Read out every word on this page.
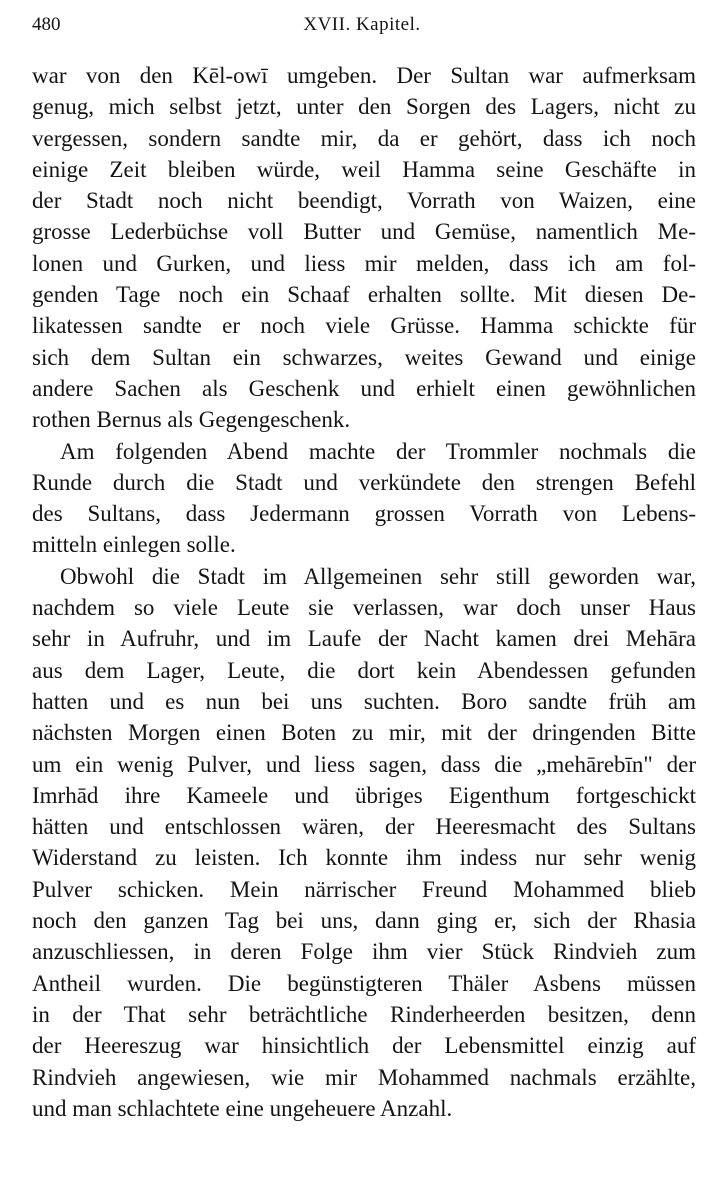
480	XVII. Kapitel.
war von den Kēl-owī umgeben. Der Sultan war aufmerksam
genug, mich selbst jetzt, unter den Sorgen des Lagers, nicht zu
vergessen, sondern sandte mir, da er gehört, dass ich noch
einige Zeit bleiben würde, weil Hamma seine Geschäfte in
der Stadt noch nicht beendigt, Vorrath von Waizen, eine
grosse Lederbüchse voll Butter und Gemüse, namentlich Me-
lonen und Gurken, und liess mir melden, dass ich am fol-
genden Tage noch ein Schaaf erhalten sollte. Mit diesen De-
likatessen sandte er noch viele Grüsse. Hamma schickte für
sich dem Sultan ein schwarzes, weites Gewand und einige
andere Sachen als Geschenk und erhielt einen gewöhnlichen
rothen Bernus als Gegengeschenk.
Am folgenden Abend machte der Trommler nochmals die
Runde durch die Stadt und verkündete den strengen Befehl
des Sultans, dass Jedermann grossen Vorrath von Lebens-
mitteln einlegen solle.
Obwohl die Stadt im Allgemeinen sehr still geworden war,
nachdem so viele Leute sie verlassen, war doch unser Haus
sehr in Aufruhr, und im Laufe der Nacht kamen drei Mehāra
aus dem Lager, Leute, die dort kein Abendessen gefunden
hatten und es nun bei uns suchten. Boro sandte früh am
nächsten Morgen einen Boten zu mir, mit der dringenden Bitte
um ein wenig Pulver, und liess sagen, dass die „mehārebīn" der
Imrhād ihre Kameele und übriges Eigenthum fortgeschickt
hätten und entschlossen wären, der Heeresmacht des Sultans
Widerstand zu leisten. Ich konnte ihm indess nur sehr wenig
Pulver schicken. Mein närrischer Freund Mohammed blieb
noch den ganzen Tag bei uns, dann ging er, sich der Rhasia
anzuschliessen, in deren Folge ihm vier Stück Rindvieh zum
Antheil wurden. Die begünstigteren Thäler Asbens müssen
in der That sehr beträchtliche Rinderheerden besitzen, denn
der Heereszug war hinsichtlich der Lebensmittel einzig auf
Rindvieh angewiesen, wie mir Mohammed nachmals erzählte,
und man schlachtete eine ungeheuere Anzahl.
